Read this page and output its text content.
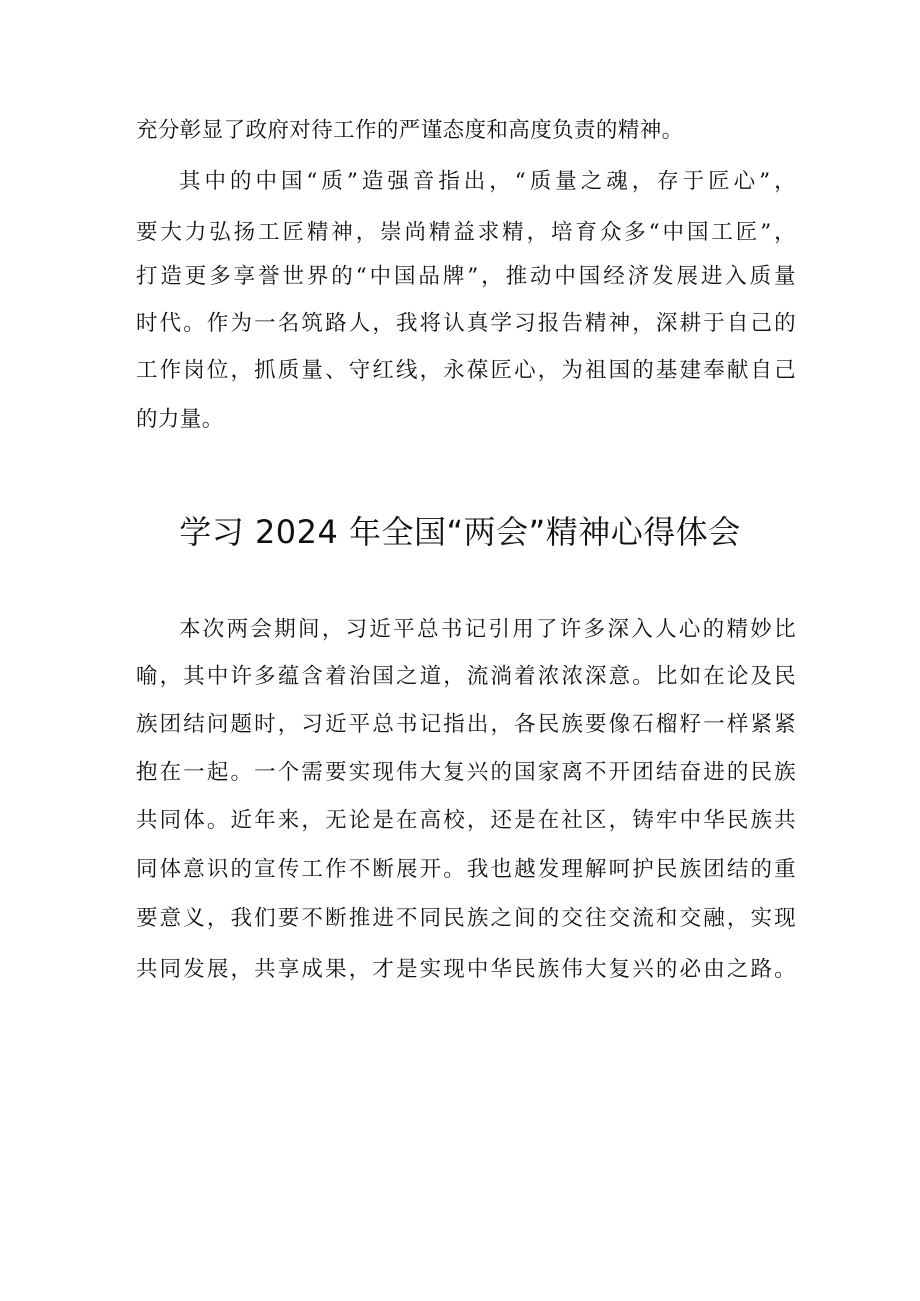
充分彰显了政府对待工作的严谨态度和高度负责的精神。
其中的中国“质”造强音指出，“质量之魂，存于匠心”，
要大力弘扬工匠精神，崇尚精益求精，培育众多“中国工匠”，
打造更多享誉世界的“中国品牌”，推动中国经济发展进入质量
时代。作为一名筑路人，我将认真学习报告精神，深耕于自己的
工作岗位，抓质量、守红线，永葆匠心，为祖国的基建奉献自己
的力量。
学习 2024 年全国“两会”精神心得体会
本次两会期间，习近平总书记引用了许多深入人心的精妙比
喻，其中许多蕴含着治国之道，流淌着浓浓深意。比如在论及民
族团结问题时，习近平总书记指出，各民族要像石榴籽一样紧紧
抱在一起。一个需要实现伟大复兴的国家离不开团结奋进的民族
共同体。近年来，无论是在高校，还是在社区，铸牢中华民族共
同体意识的宣传工作不断展开。我也越发理解呵护民族团结的重
要意义，我们要不断推进不同民族之间的交往交流和交融，实现
共同发展，共享成果，才是实现中华民族伟大复兴的必由之路。
